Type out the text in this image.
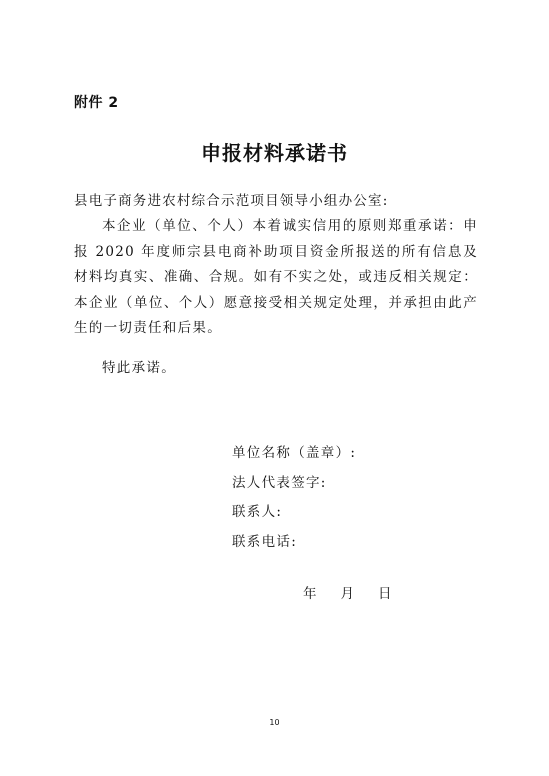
附件 2
申报材料承诺书
县电子商务进农村综合示范项目领导小组办公室:
本企业（单位、个人）本着诚实信用的原则郑重承诺：申报 2020 年度师宗县电商补助项目资金所报送的所有信息及材料均真实、准确、合规。如有不实之处，或违反相关规定：本企业（单位、个人）愿意接受相关规定处理，并承担由此产生的一切责任和后果。
特此承诺。
单位名称（盖章）:
法人代表签字:
联系人:
联系电话:
年 月 日
10
